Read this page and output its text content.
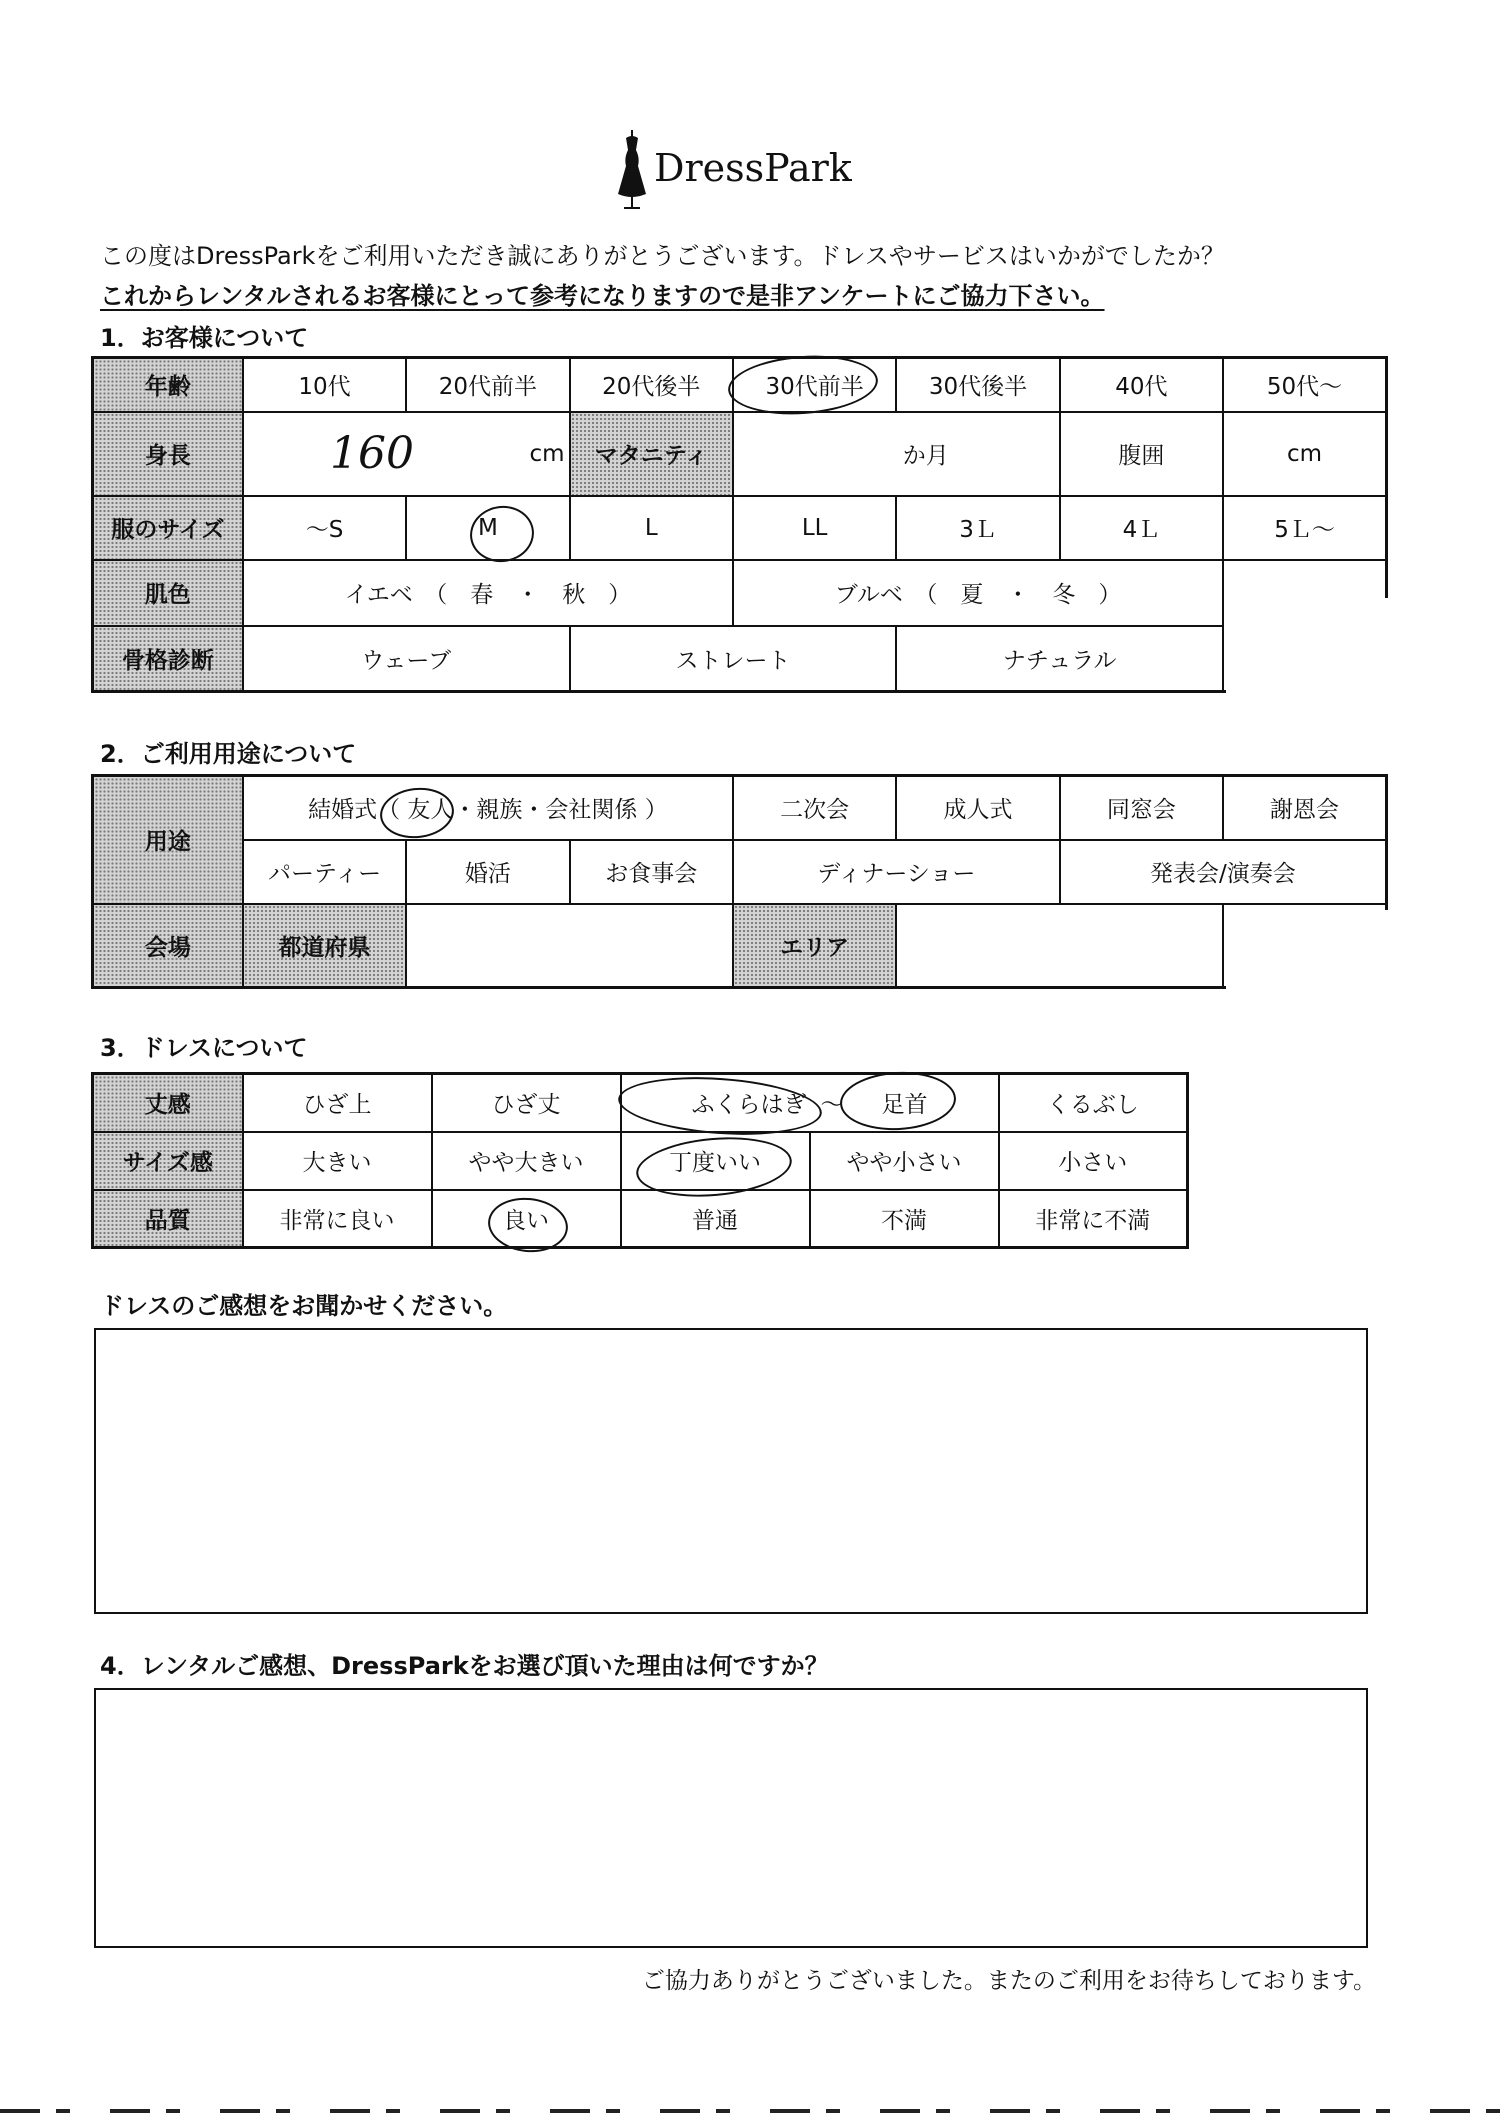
DressPark
この度はDressParkをご利用いただき誠にありがとうございます。ドレスやサービスはいかがでしたか？
これからレンタルされるお客様にとって参考になりますので是非アンケートにご協力下さい。
1．お客様について
年齢	10代	20代前半	20代後半	30代前半	30代後半	40代	50代～
身長	cm		マタニティ	か月		腹囲	cm
服のサイズ	～S	M	L	LL	3Ｌ	4Ｌ	5Ｌ～
肌色	イエベ　（　春　・　秋　）			ブルベ　（　夏　・　冬　）			
骨格診断	ウェーブ		ストレート		ナチュラル		
160
2．ご利用用途について
用途	結婚式（ 友人・親族・会社関係 ）			二次会	成人式	同窓会	謝恩会
	パーティー	婚活	お食事会	ディナーショー		発表会/演奏会	
会場	都道府県			エリア			
3．ドレスについて
丈感	ひざ上	ひざ丈	ふくらはぎ ～ 足首		くるぶし
サイズ感	大きい	やや大きい	丁度いい	やや小さい	小さい
品質	非常に良い	良い	普通	不満	非常に不満
ドレスのご感想をお聞かせください。
4．レンタルご感想、DressParkをお選び頂いた理由は何ですか？
ご協力ありがとうございました。またのご利用をお待ちしております。
